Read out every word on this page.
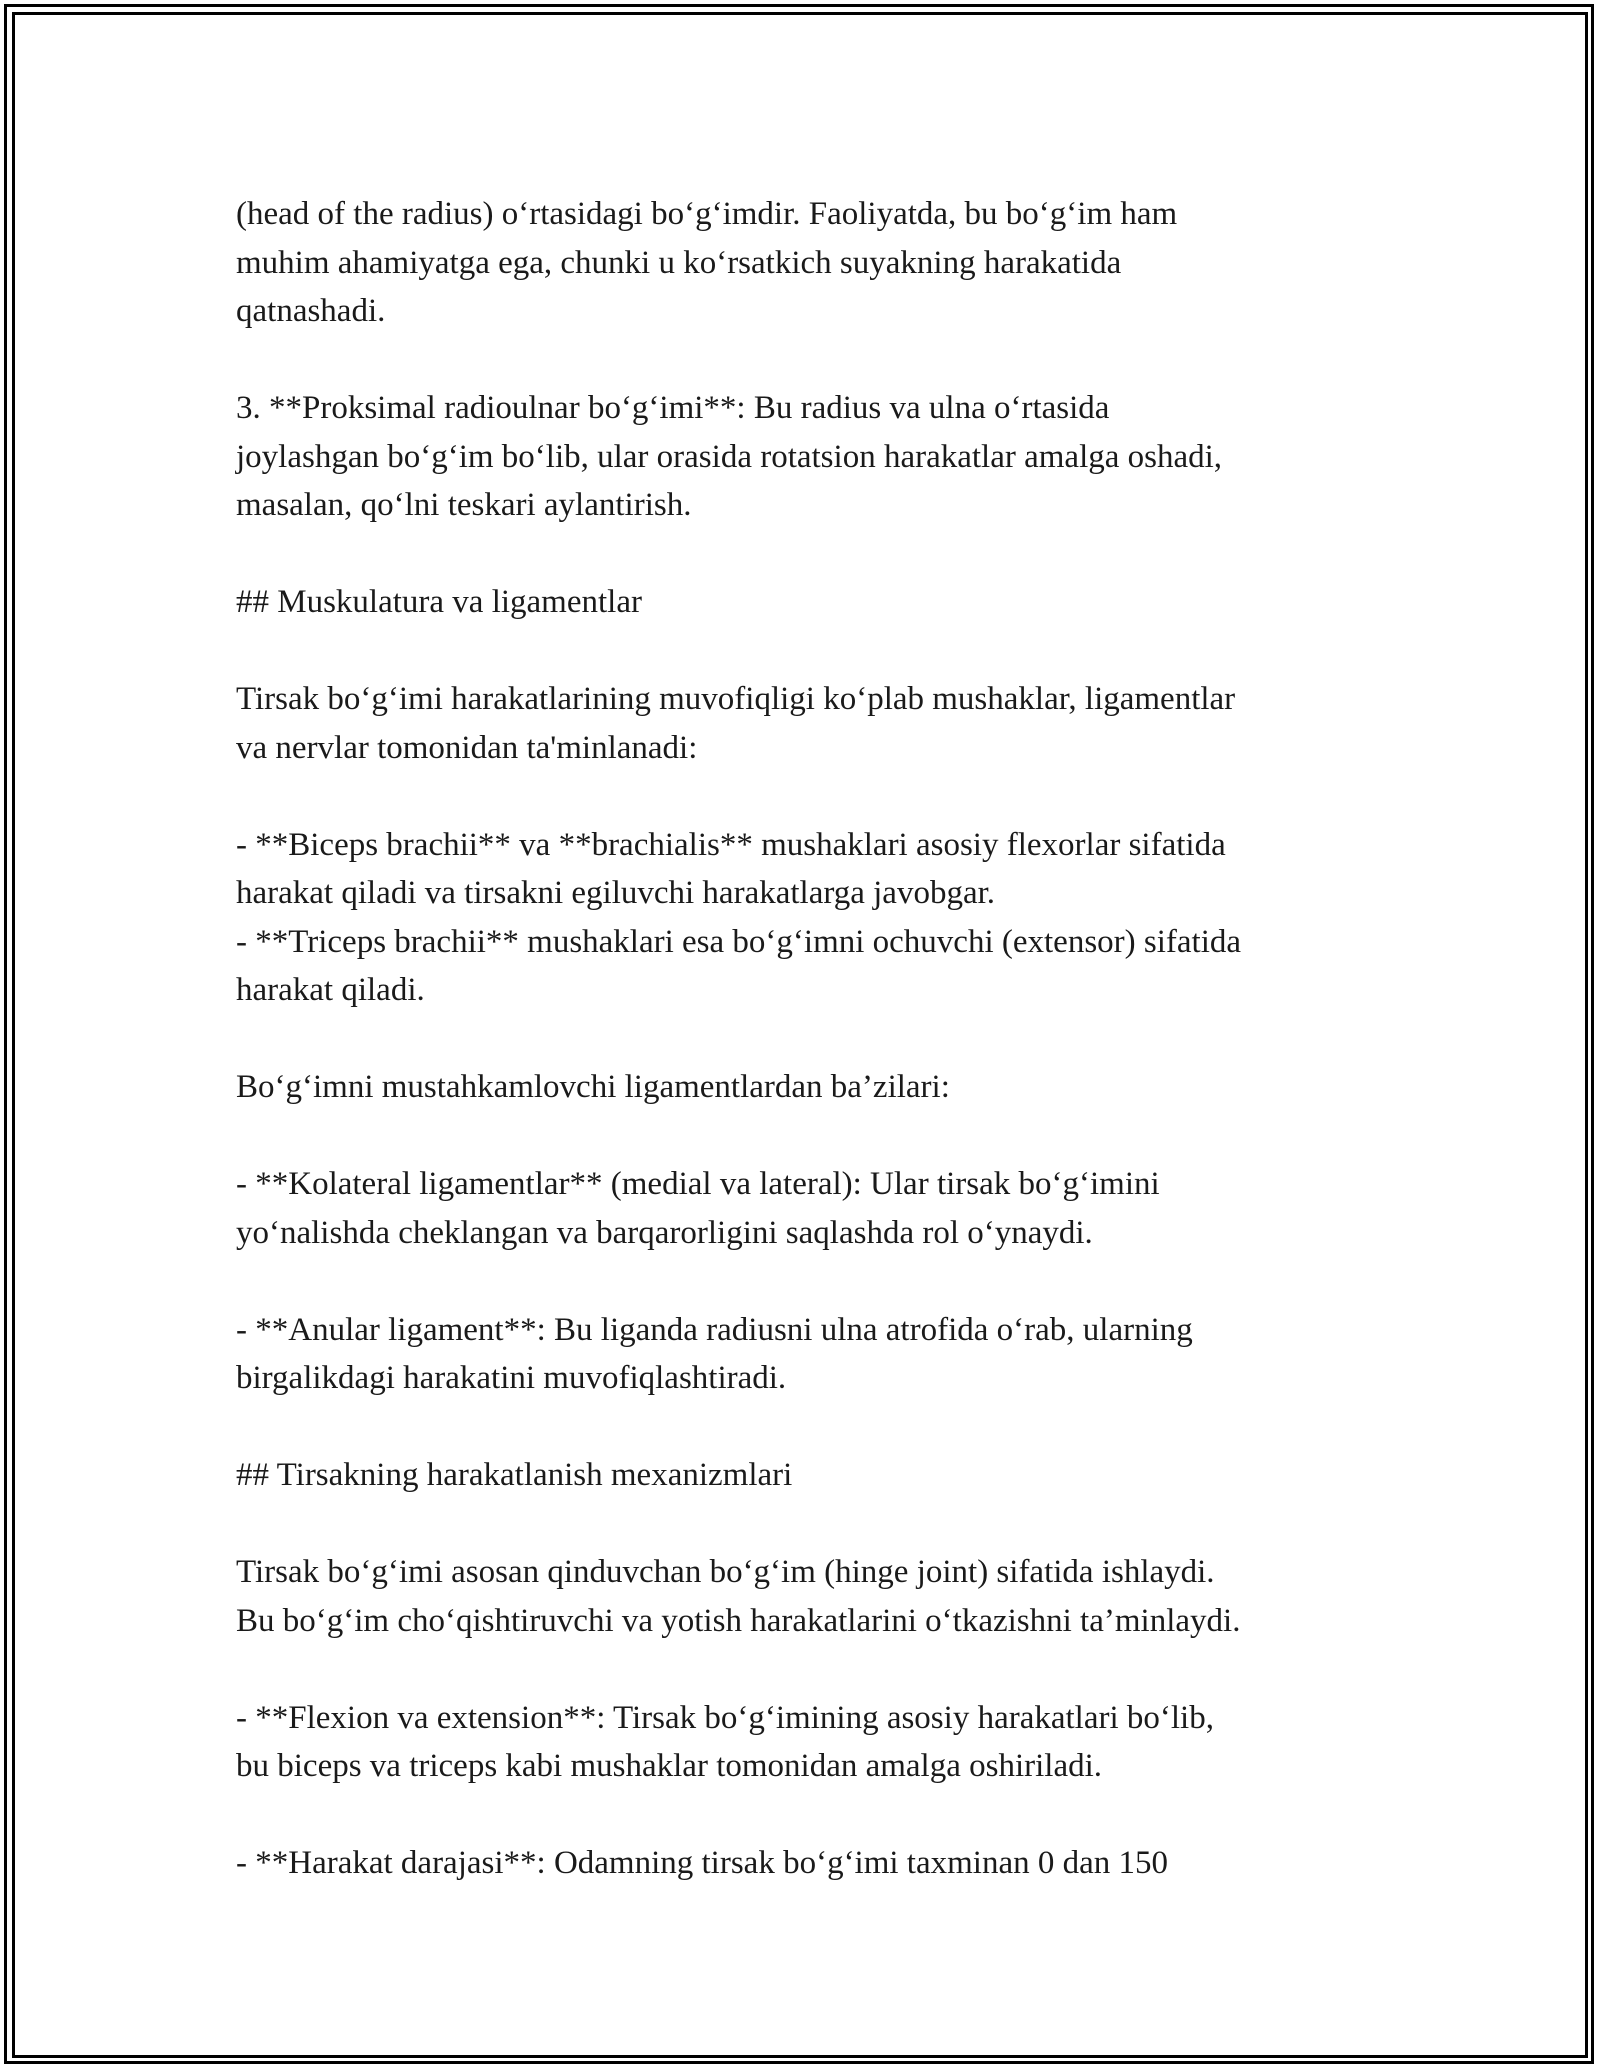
(head of the radius) o‘rtasidagi bo‘g‘imdir. Faoliyatda, bu bo‘g‘im ham
muhim ahamiyatga ega, chunki u ko‘rsatkich suyakning harakatida
qatnashadi.

3. **Proksimal radioulnar bo‘g‘imi**: Bu radius va ulna o‘rtasida
joylashgan bo‘g‘im bo‘lib, ular orasida rotatsion harakatlar amalga oshadi,
masalan, qo‘lni teskari aylantirish.

## Muskulatura va ligamentlar

Tirsak bo‘g‘imi harakatlarining muvofiqligi ko‘plab mushaklar, ligamentlar
va nervlar tomonidan ta'minlanadi:

- **Biceps brachii** va **brachialis** mushaklari asosiy flexorlar sifatida
harakat qiladi va tirsakni egiluvchi harakatlarga javobgar.
- **Triceps brachii** mushaklari esa bo‘g‘imni ochuvchi (extensor) sifatida
harakat qiladi.

Bo‘g‘imni mustahkamlovchi ligamentlardan ba’zilari:

- **Kolateral ligamentlar** (medial va lateral): Ular tirsak bo‘g‘imini
yo‘nalishda cheklangan va barqarorligini saqlashda rol o‘ynaydi.

- **Anular ligament**: Bu liganda radiusni ulna atrofida o‘rab, ularning
birgalikdagi harakatini muvofiqlashtiradi.

## Tirsakning harakatlanish mexanizmlari

Tirsak bo‘g‘imi asosan qinduvchan bo‘g‘im (hinge joint) sifatida ishlaydi.
Bu bo‘g‘im cho‘qishtiruvchi va yotish harakatlarini o‘tkazishni ta’minlaydi.

- **Flexion va extension**: Tirsak bo‘g‘imining asosiy harakatlari bo‘lib,
bu biceps va triceps kabi mushaklar tomonidan amalga oshiriladi.

- **Harakat darajasi**: Odamning tirsak bo‘g‘imi taxminan 0 dan 150
